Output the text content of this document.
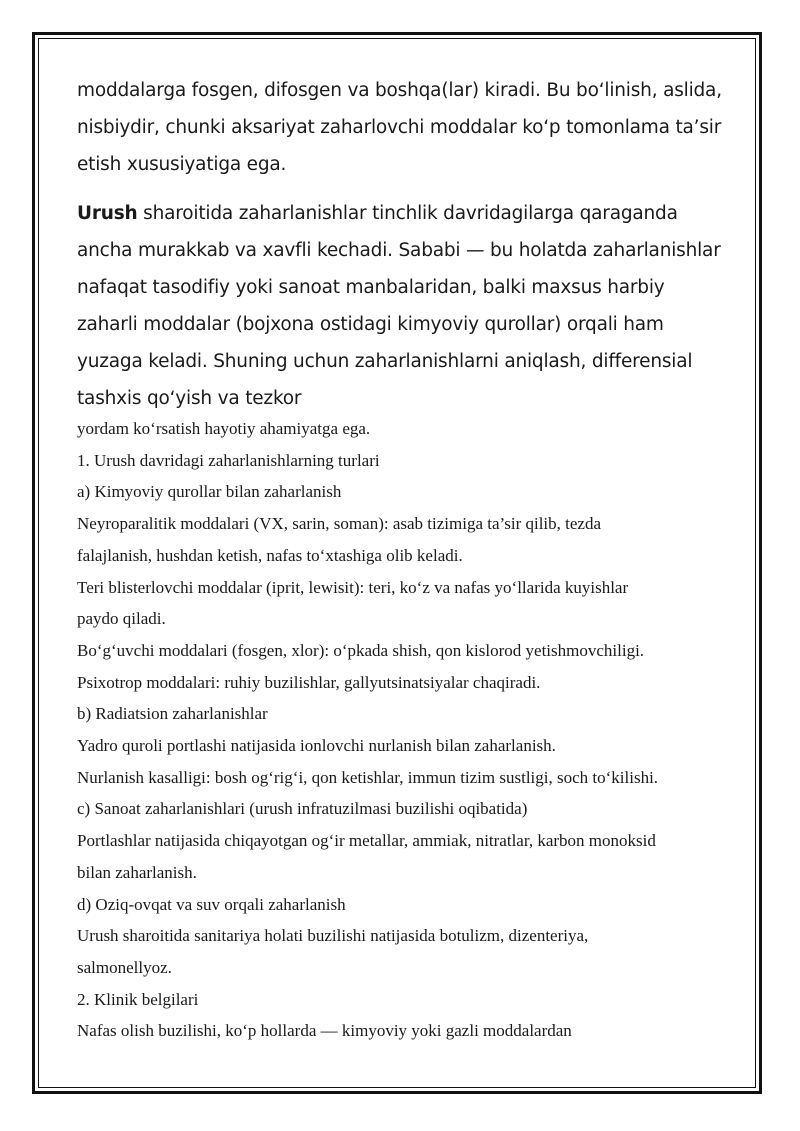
moddalarga fosgen, difosgen va boshqa(lar) kiradi. Bu bo‘linish, aslida, nisbiydir, chunki aksariyat zaharlovchi moddalar ko‘p tomonlama ta’sir etish xususiyatiga ega.

Urush sharoitida zaharlanishlar tinchlik davridagilarga qaraganda ancha murakkab va xavfli kechadi. Sababi — bu holatda zaharlanishlar nafaqat tasodifiy yoki sanoat manbalaridan, balki maxsus harbiy zaharli moddalar (bojxona ostidagi kimyoviy qurollar) orqali ham yuzaga keladi. Shuning uchun zaharlanishlarni aniqlash, differensial tashxis qo‘yish va tezkor

yordam ko‘rsatish hayotiy ahamiyatga ega.

1. Urush davridagi zaharlanishlarning turlari

a) Kimyoviy qurollar bilan zaharlanish

Neyroparalitik moddalari (VX, sarin, soman): asab tizimiga ta’sir qilib, tezda

falajlanish, hushdan ketish, nafas to‘xtashiga olib keladi.

Teri blisterlovchi moddalar (iprit, lewisit): teri, ko‘z va nafas yo‘llarida kuyishlar

paydo qiladi.

Bo‘g‘uvchi moddalari (fosgen, xlor): o‘pkada shish, qon kislorod yetishmovchiligi.

Psixotrop moddalari: ruhiy buzilishlar, gallyutsinatsiyalar chaqiradi.

b) Radiatsion zaharlanishlar

Yadro quroli portlashi natijasida ionlovchi nurlanish bilan zaharlanish.

Nurlanish kasalligi: bosh og‘rig‘i, qon ketishlar, immun tizim sustligi, soch to‘kilishi.

c) Sanoat zaharlanishlari (urush infratuzilmasi buzilishi oqibatida)

Portlashlar natijasida chiqayotgan og‘ir metallar, ammiak, nitratlar, karbon monoksid

bilan zaharlanish.

d) Oziq-ovqat va suv orqali zaharlanish

Urush sharoitida sanitariya holati buzilishi natijasida botulizm, dizenteriya,

salmonellyoz.

2. Klinik belgilari

Nafas olish buzilishi, ko‘p hollarda — kimyoviy yoki gazli moddalardan
